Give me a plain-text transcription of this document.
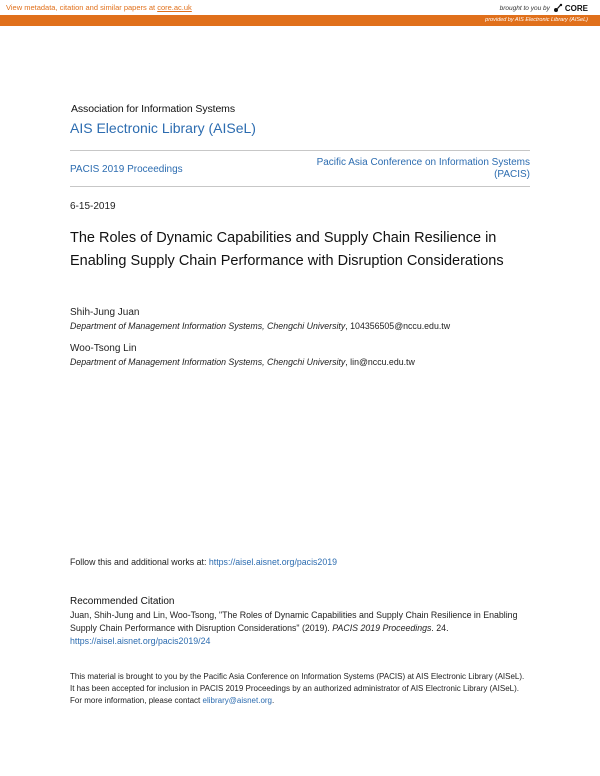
View metadata, citation and similar papers at core.ac.uk	brought to you by CORE
provided by AIS Electronic Library (AISeL)
Association for Information Systems
AIS Electronic Library (AISeL)
PACIS 2019 Proceedings
Pacific Asia Conference on Information Systems (PACIS)
6-15-2019
The Roles of Dynamic Capabilities and Supply Chain Resilience in Enabling Supply Chain Performance with Disruption Considerations
Shih-Jung Juan
Department of Management Information Systems, Chengchi University, 104356505@nccu.edu.tw
Woo-Tsong Lin
Department of Management Information Systems, Chengchi University, lin@nccu.edu.tw
Follow this and additional works at: https://aisel.aisnet.org/pacis2019
Recommended Citation
Juan, Shih-Jung and Lin, Woo-Tsong, "The Roles of Dynamic Capabilities and Supply Chain Resilience in Enabling Supply Chain Performance with Disruption Considerations" (2019). PACIS 2019 Proceedings. 24.
https://aisel.aisnet.org/pacis2019/24
This material is brought to you by the Pacific Asia Conference on Information Systems (PACIS) at AIS Electronic Library (AISeL). It has been accepted for inclusion in PACIS 2019 Proceedings by an authorized administrator of AIS Electronic Library (AISeL). For more information, please contact elibrary@aisnet.org.
